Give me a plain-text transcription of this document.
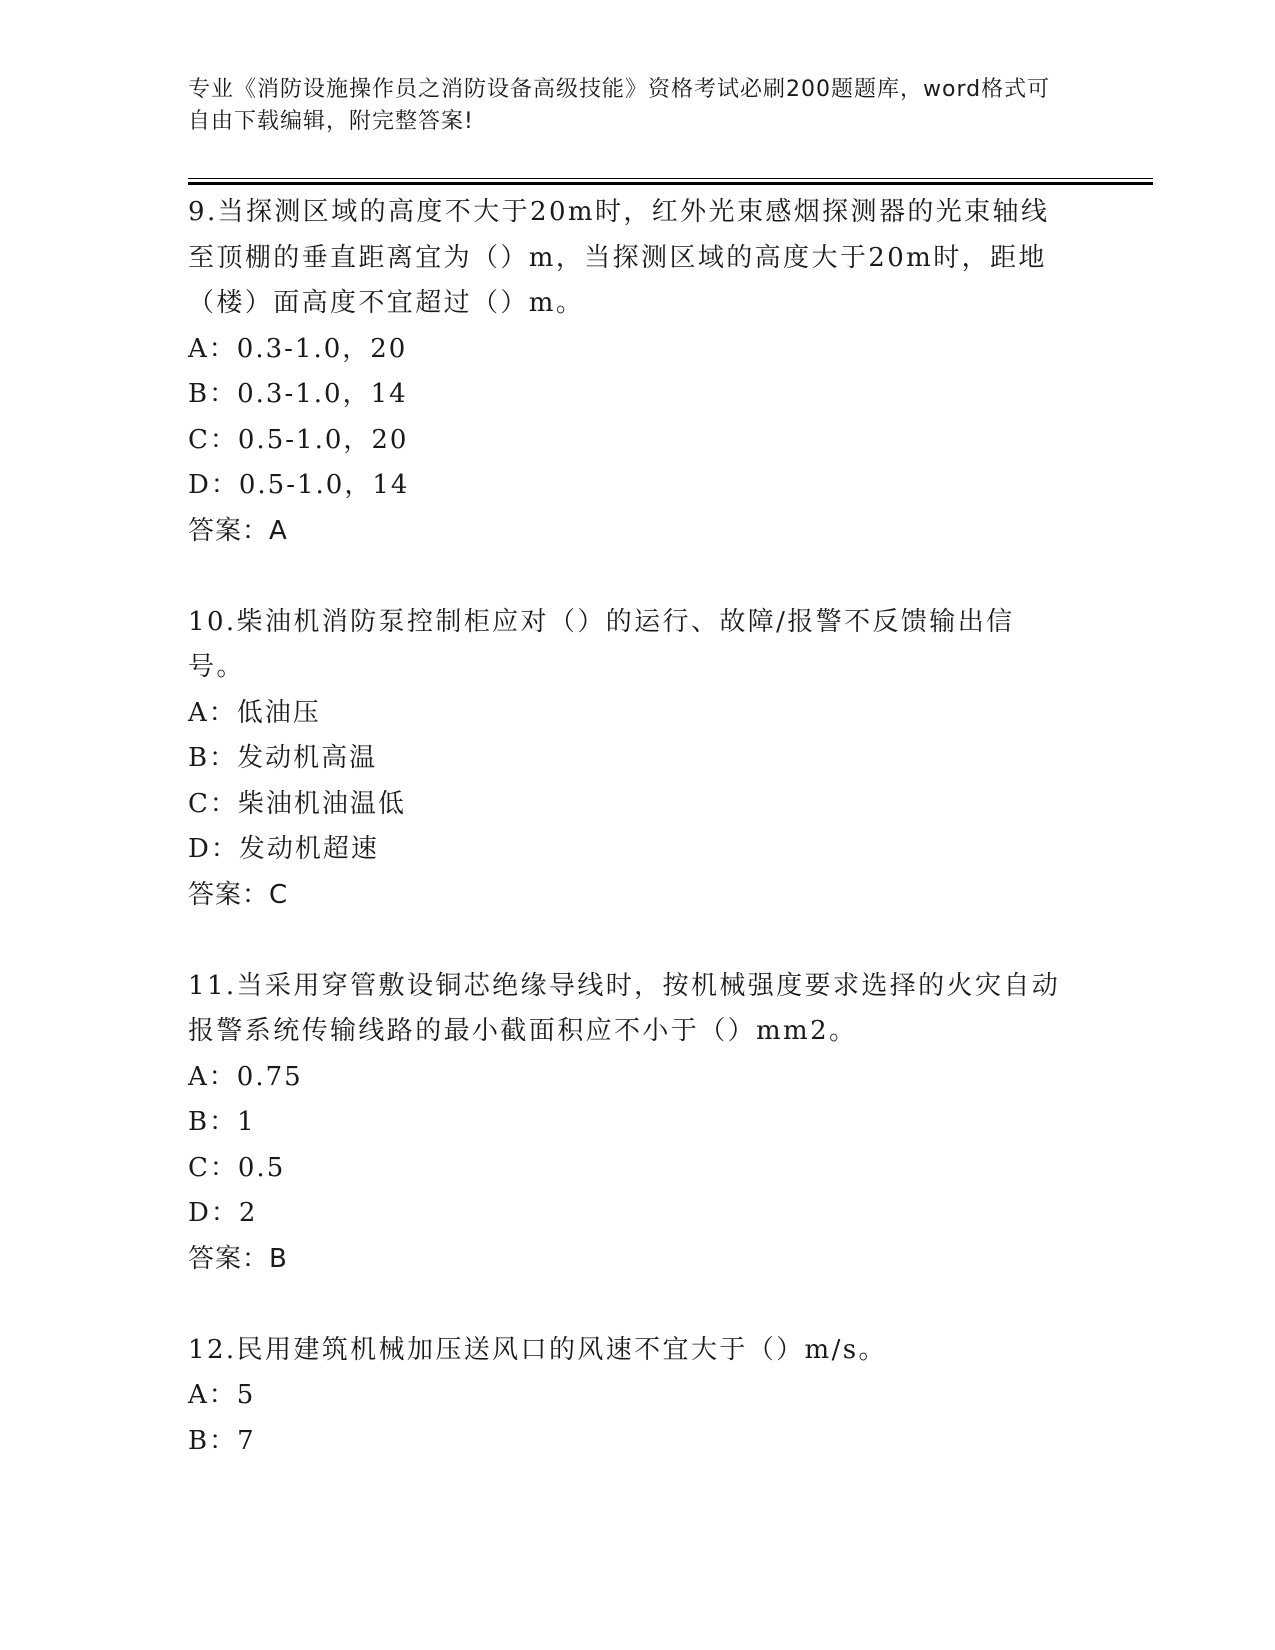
专业《消防设施操作员之消防设备高级技能》资格考试必刷200题题库，word格式可自由下载编辑，附完整答案!

9.当探测区域的高度不大于20m时，红外光束感烟探测器的光束轴线至顶棚的垂直距离宜为（）m，当探测区域的高度大于20m时，距地（楼）面高度不宜超过（）m。

A：0.3-1.0，20

B：0.3-1.0，14

C：0.5-1.0，20

D：0.5-1.0，14

答案：A

10.柴油机消防泵控制柜应对（）的运行、故障/报警不反馈输出信号。

A：低油压

B：发动机高温

C：柴油机油温低

D：发动机超速

答案：C

11.当采用穿管敷设铜芯绝缘导线时，按机械强度要求选择的火灾自动报警系统传输线路的最小截面积应不小于（）mm2。

A：0.75

B：1

C：0.5

D：2

答案：B

12.民用建筑机械加压送风口的风速不宜大于（）m/s。

A：5

B：7
